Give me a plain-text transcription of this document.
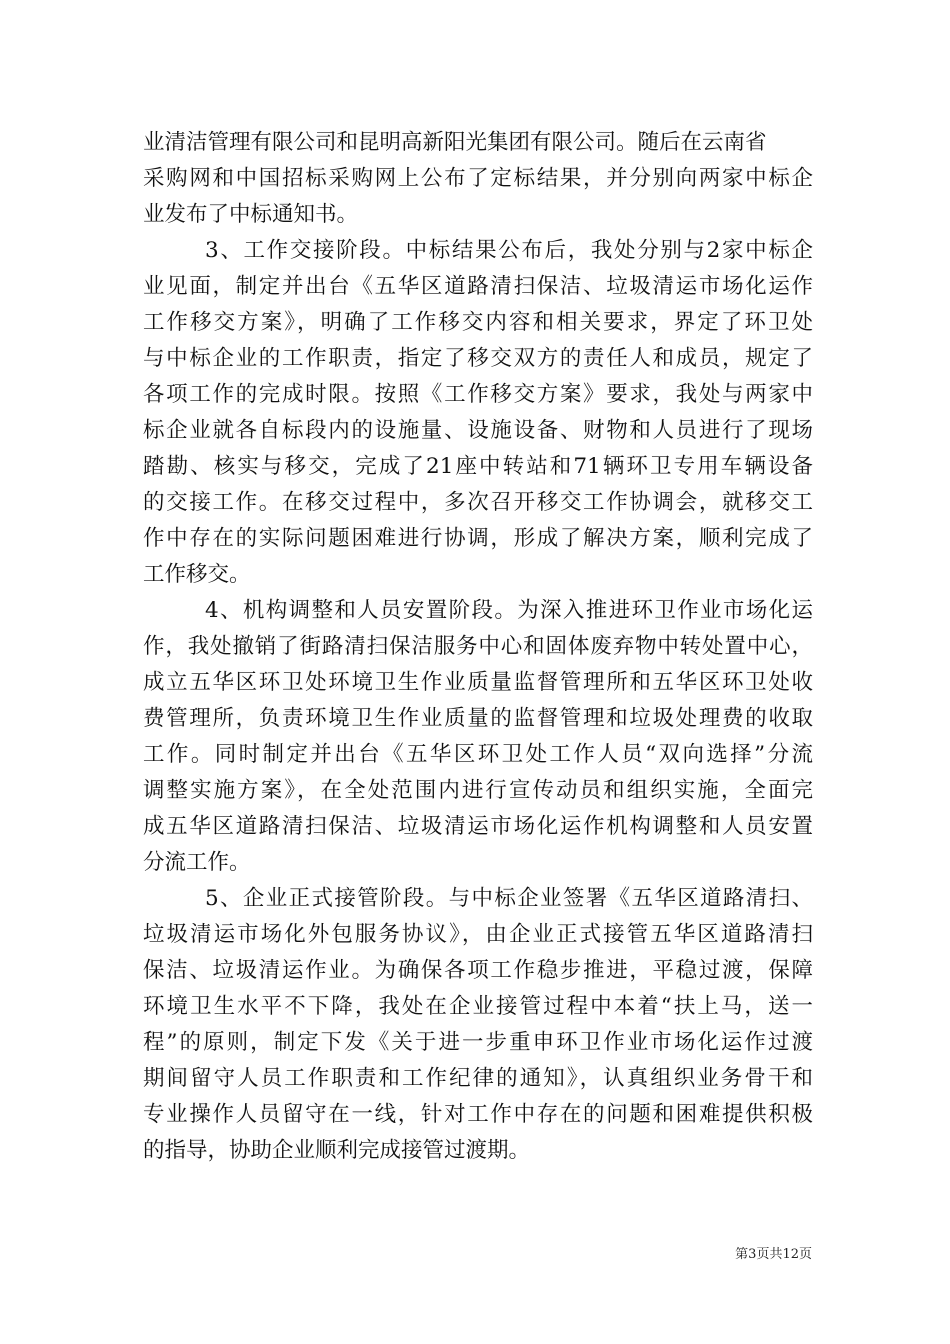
业清洁管理有限公司和昆明高新阳光集团有限公司。随后在云南省
采购网和中国招标采购网上公布了定标结果，并分别向两家中标企
业发布了中标通知书。
3、工作交接阶段。中标结果公布后，我处分别与2家中标企
业见面，制定并出台《五华区道路清扫保洁、垃圾清运市场化运作
工作移交方案》，明确了工作移交内容和相关要求，界定了环卫处
与中标企业的工作职责，指定了移交双方的责任人和成员，规定了
各项工作的完成时限。按照《工作移交方案》要求，我处与两家中
标企业就各自标段内的设施量、设施设备、财物和人员进行了现场
踏勘、核实与移交，完成了21座中转站和71辆环卫专用车辆设备
的交接工作。在移交过程中，多次召开移交工作协调会，就移交工
作中存在的实际问题困难进行协调，形成了解决方案，顺利完成了
工作移交。
4、机构调整和人员安置阶段。为深入推进环卫作业市场化运
作，我处撤销了街路清扫保洁服务中心和固体废弃物中转处置中心，
成立五华区环卫处环境卫生作业质量监督管理所和五华区环卫处收
费管理所，负责环境卫生作业质量的监督管理和垃圾处理费的收取
工作。同时制定并出台《五华区环卫处工作人员“双向选择”分流
调整实施方案》，在全处范围内进行宣传动员和组织实施，全面完
成五华区道路清扫保洁、垃圾清运市场化运作机构调整和人员安置
分流工作。
5、企业正式接管阶段。与中标企业签署《五华区道路清扫、
垃圾清运市场化外包服务协议》，由企业正式接管五华区道路清扫
保洁、垃圾清运作业。为确保各项工作稳步推进，平稳过渡，保障
环境卫生水平不下降，我处在企业接管过程中本着“扶上马，送一
程”的原则，制定下发《关于进一步重申环卫作业市场化运作过渡
期间留守人员工作职责和工作纪律的通知》，认真组织业务骨干和
专业操作人员留守在一线，针对工作中存在的问题和困难提供积极
的指导，协助企业顺利完成接管过渡期。
第3页共12页
